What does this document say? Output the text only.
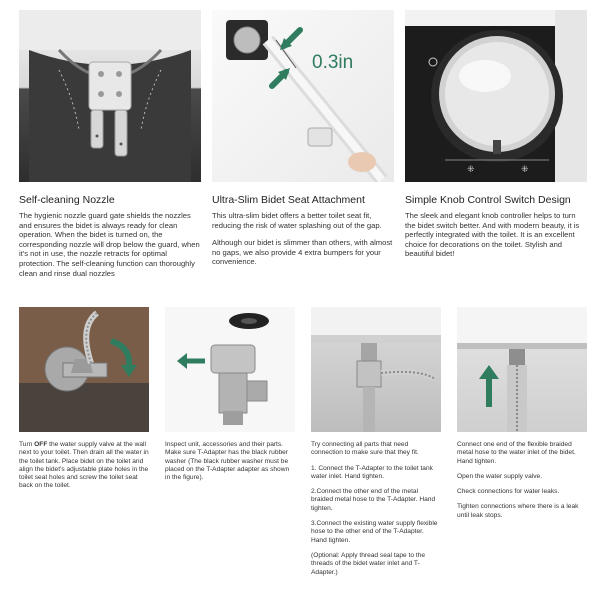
0.3in
⁜	⁜
Self-cleaning Nozzle

The hygienic nozzle guard gate shields the nozzles and ensures the bidet is always ready for clean operation. When the bidet is turned on, the corresponding nozzle will drop below the guard, when it's not in use, the nozzle retracts for optimal protection. The self-cleaning function can thoroughly clean and rinse dual nozzles

Ultra-Slim Bidet Seat Attachment

This ultra-slim bidet offers a better toilet seat fit, reducing the risk of water splashing out of the gap.

Although our bidet is slimmer than others, with almost no gaps, we also provide 4 extra bumpers for your convenience.

Simple Knob Control Switch Design

The sleek and elegant knob controller helps to turn the bidet switch better. And with modern beauty, it is perfectly integrated with the toilet. It is an excellent choice for decorations on the toilet. Stylish and beautiful bidet!

Turn OFF the water supply valve at the wall next to your toilet. Then drain all the water in the toilet tank. Place bidet on the toilet and align the bidet's adjustable plate holes in the toilet seat holes and screw the toilet seat back on the toilet.

Inspect unit, accessories and their parts. Make sure T-Adapter has the black rubber washer (The black rubber washer must be placed on the T-Adapter adapter as shown in the figure).

Try connecting all parts that need connection to make sure that they fit.

1. Connect the T-Adapter to the toilet tank water inlet. Hand tighten.

2.Connect the other end of the metal braided metal hose to the T-Adapter. Hand tighten.

3.Connect the existing water supply flexible hose to the other end of the T-Adapter. Hand tighten.

(Optional: Apply thread seal tape to the threads of the bidet water inlet and T-Adapter.)

Connect one end of the flexible braided metal hose to the water inlet of the bidet. Hand tighten.

Open the water supply valve.

Check connections for water leaks.

Tighten connections where there is a leak until leak stops.
